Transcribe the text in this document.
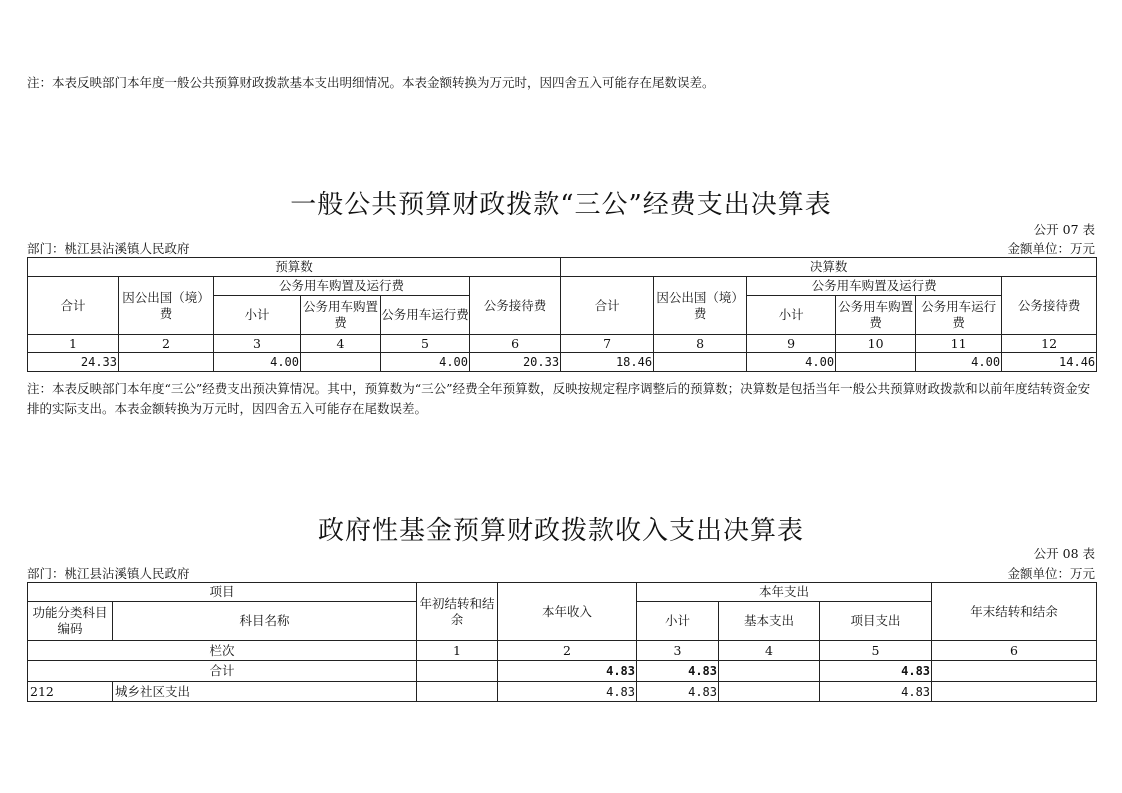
注：本表反映部门本年度一般公共预算财政拨款基本支出明细情况。本表金额转换为万元时，因四舍五入可能存在尾数误差。
一般公共预算财政拨款“三公”经费支出决算表
公开 07 表
部门：桃江县沾溪镇人民政府	金额单位：万元
预算数						决算数					
合计	因公出国（境）费	公务用车购置及运行费			公务接待费	合计	因公出国（境）费	公务用车购置及运行费			公务接待费
		小计	公务用车购置费	公务用车运行费				小计	公务用车购置费	公务用车运行费	
1	2	3	4	5	6	7	8	9	10	11	12
24.33		4.00		4.00	20.33	18.46		4.00		4.00	14.46
注：本表反映部门本年度“三公”经费支出预决算情况。其中，预算数为“三公”经费全年预算数，反映按规定程序调整后的预算数；决算数是包括当年一般公共预算财政拨款和以前年度结转资金安排的实际支出。本表金额转换为万元时，因四舍五入可能存在尾数误差。
政府性基金预算财政拨款收入支出决算表
公开 08 表
部门：桃江县沾溪镇人民政府	金额单位：万元
项目		年初结转和结余	本年收入	本年支出			年末结转和结余
功能分类科目编码	科目名称			小计	基本支出	项目支出	

栏次		1	2	3	4	5	6
合计			4.83	4.83		4.83	
212	城乡社区支出		4.83	4.83		4.83	
